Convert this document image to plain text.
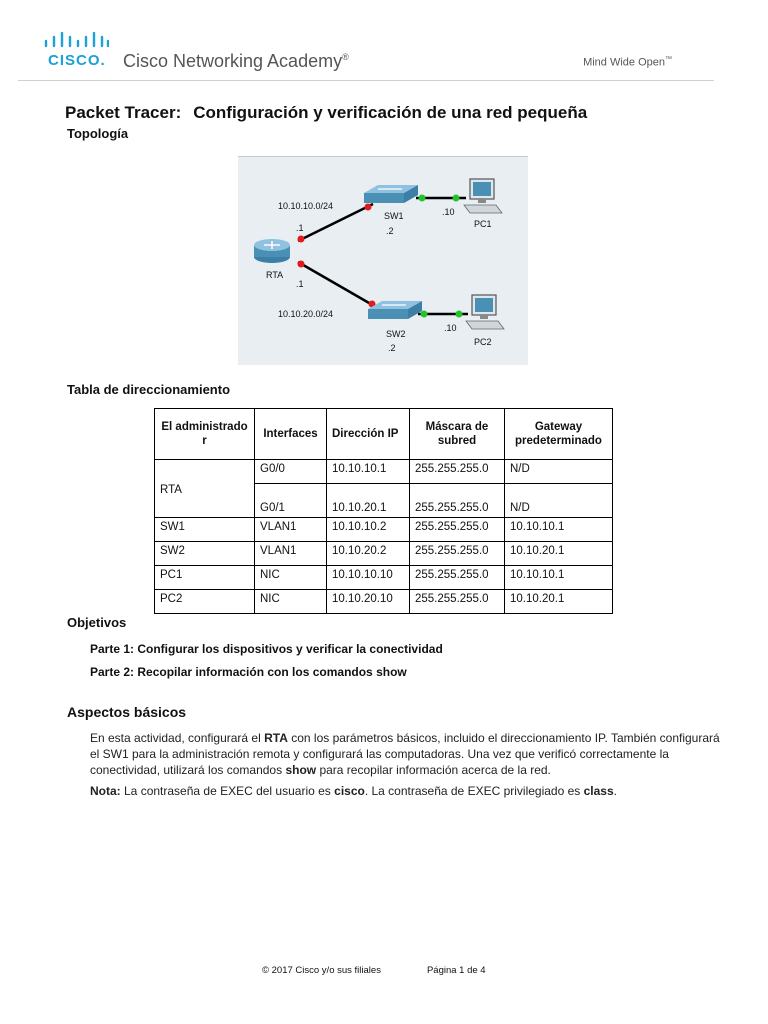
CISCO. Cisco Networking Academy®	Mind Wide Open™
Packet Tracer: Configuración y verificación de una red pequeña
Topología
10.10.10.0/24
10.10.20.0/24
.1
RTA
.1
SW1
.2
.10
PC1
SW2
.2
.10
PC2
Tabla de direccionamiento
El administrado r	Interfaces	Dirección IP	Máscara de subred	Gateway predeterminado
RTA	G0/0	10.10.10.1	255.255.255.0	N/D
	G0/1	10.10.20.1	255.255.255.0	N/D
SW1	VLAN1	10.10.10.2	255.255.255.0	10.10.10.1
SW2	VLAN1	10.10.20.2	255.255.255.0	10.10.20.1
PC1	NIC	10.10.10.10	255.255.255.0	10.10.10.1
PC2	NIC	10.10.20.10	255.255.255.0	10.10.20.1
Objetivos
Parte 1: Configurar los dispositivos y verificar la conectividad
Parte 2: Recopilar información con los comandos show
Aspectos básicos
En esta actividad, configurará el RTA con los parámetros básicos, incluido el direccionamiento IP. También configurará el SW1 para la administración remota y configurará las computadoras. Una vez que verificó correctamente la conectividad, utilizará los comandos show para recopilar información acerca de la red.
Nota: La contraseña de EXEC del usuario es cisco. La contraseña de EXEC privilegiado es class.
© 2017 Cisco y/o sus filiales	Página 1 de 4
